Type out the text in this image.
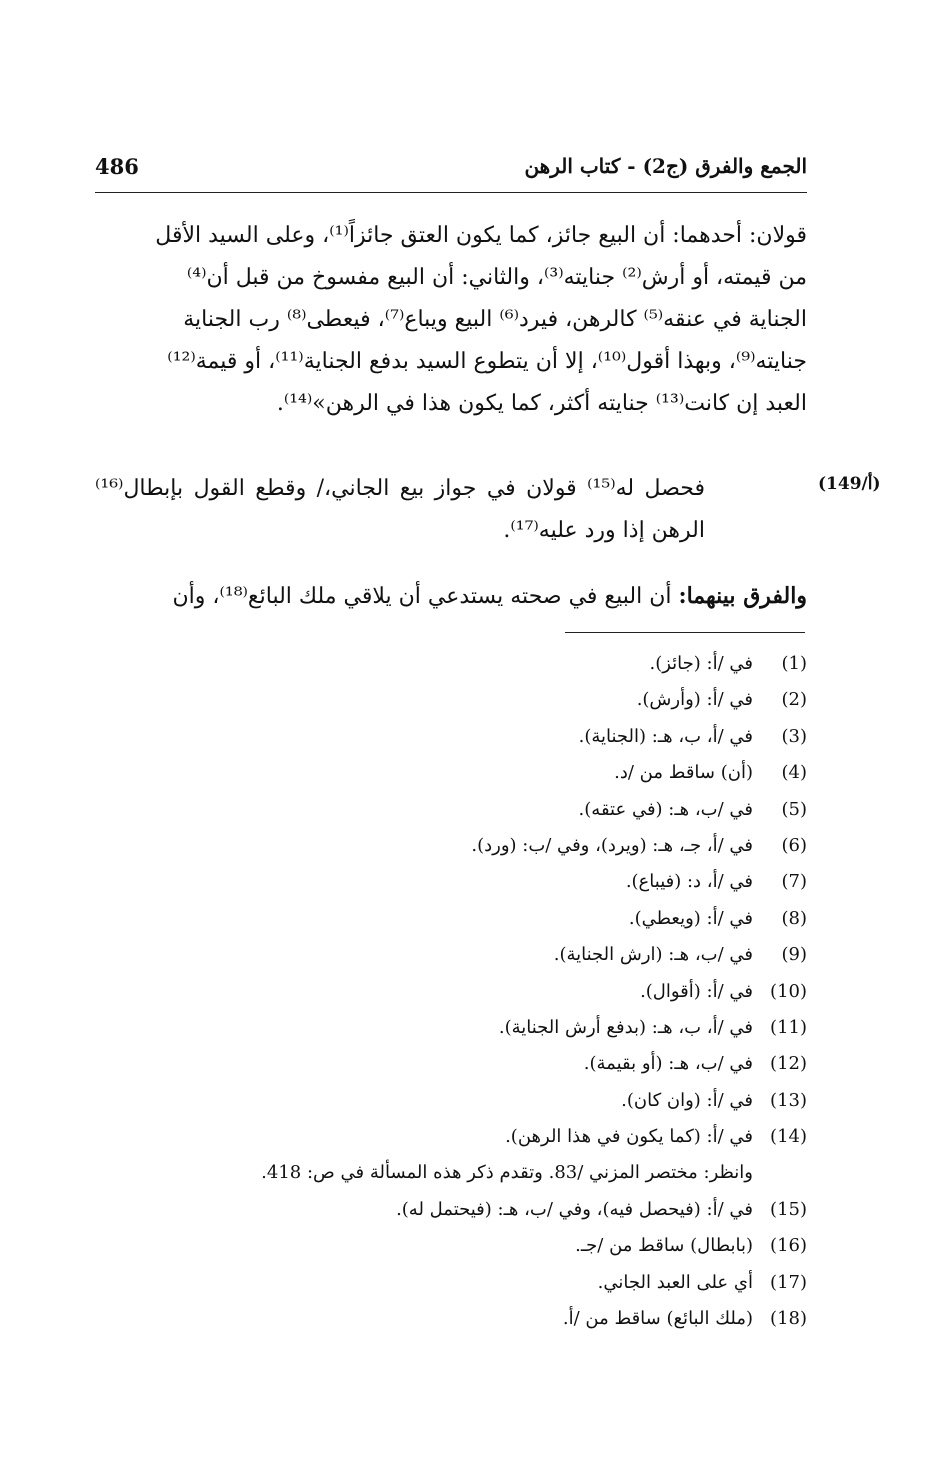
486	الجمع والفرق (ج2) - كتاب الرهن

قولان: أحدهما: أن البيع جائز، كما يكون العتق جائزاً⁽¹⁾، وعلى السيد الأقل

من قيمته، أو أرش⁽²⁾ جنايته⁽³⁾، والثاني: أن البيع مفسوخ من قبل أن⁽⁴⁾

الجناية في عنقه⁽⁵⁾ كالرهن، فيرد⁽⁶⁾ البيع ويباع⁽⁷⁾، فيعطى⁽⁸⁾ رب الجناية

جنايته⁽⁹⁾، وبهذا أقول⁽¹⁰⁾، إلا أن يتطوع السيد بدفع الجناية⁽¹¹⁾، أو قيمة⁽¹²⁾

العبد إن كانت⁽¹³⁾ جنايته أكثر، كما يكون هذا في الرهن»⁽¹⁴⁾.

(149/أ)
فحصل له⁽¹⁵⁾ قولان في جواز بيع الجاني،/ وقطع القول بإبطال⁽¹⁶⁾ الرهن إذا ورد عليه⁽¹⁷⁾.
والفرق بينهما: أن البيع في صحته يستدعي أن يلاقي ملك البائع⁽¹⁸⁾، وأن
(1)في /أ: (جائز).
(2)في /أ: (وأرش).
(3)في /أ، ب، هـ: (الجناية).
(4)(أن) ساقط من /د.
(5)في /ب، هـ: (في عتقه).
(6)في /أ، جـ، هـ: (ويرد)، وفي /ب: (ورد).
(7)في /أ، د: (فيباع).
(8)في /أ: (ويعطي).
(9)في /ب، هـ: (ارش الجناية).
(10)في /أ: (أقوال).
(11)في /أ، ب، هـ: (بدفع أرش الجناية).
(12)في /ب، هـ: (أو بقيمة).
(13)في /أ: (وان كان).
(14)في /أ: (كما يكون في هذا الرهن).
وانظر: مختصر المزني /83. وتقدم ذكر هذه المسألة في ص: 418.
(15)في /أ: (فيحصل فيه)، وفي /ب، هـ: (فيحتمل له).
(16)(بابطال) ساقط من /جـ.
(17)أي على العبد الجاني.
(18)(ملك البائع) ساقط من /أ.
